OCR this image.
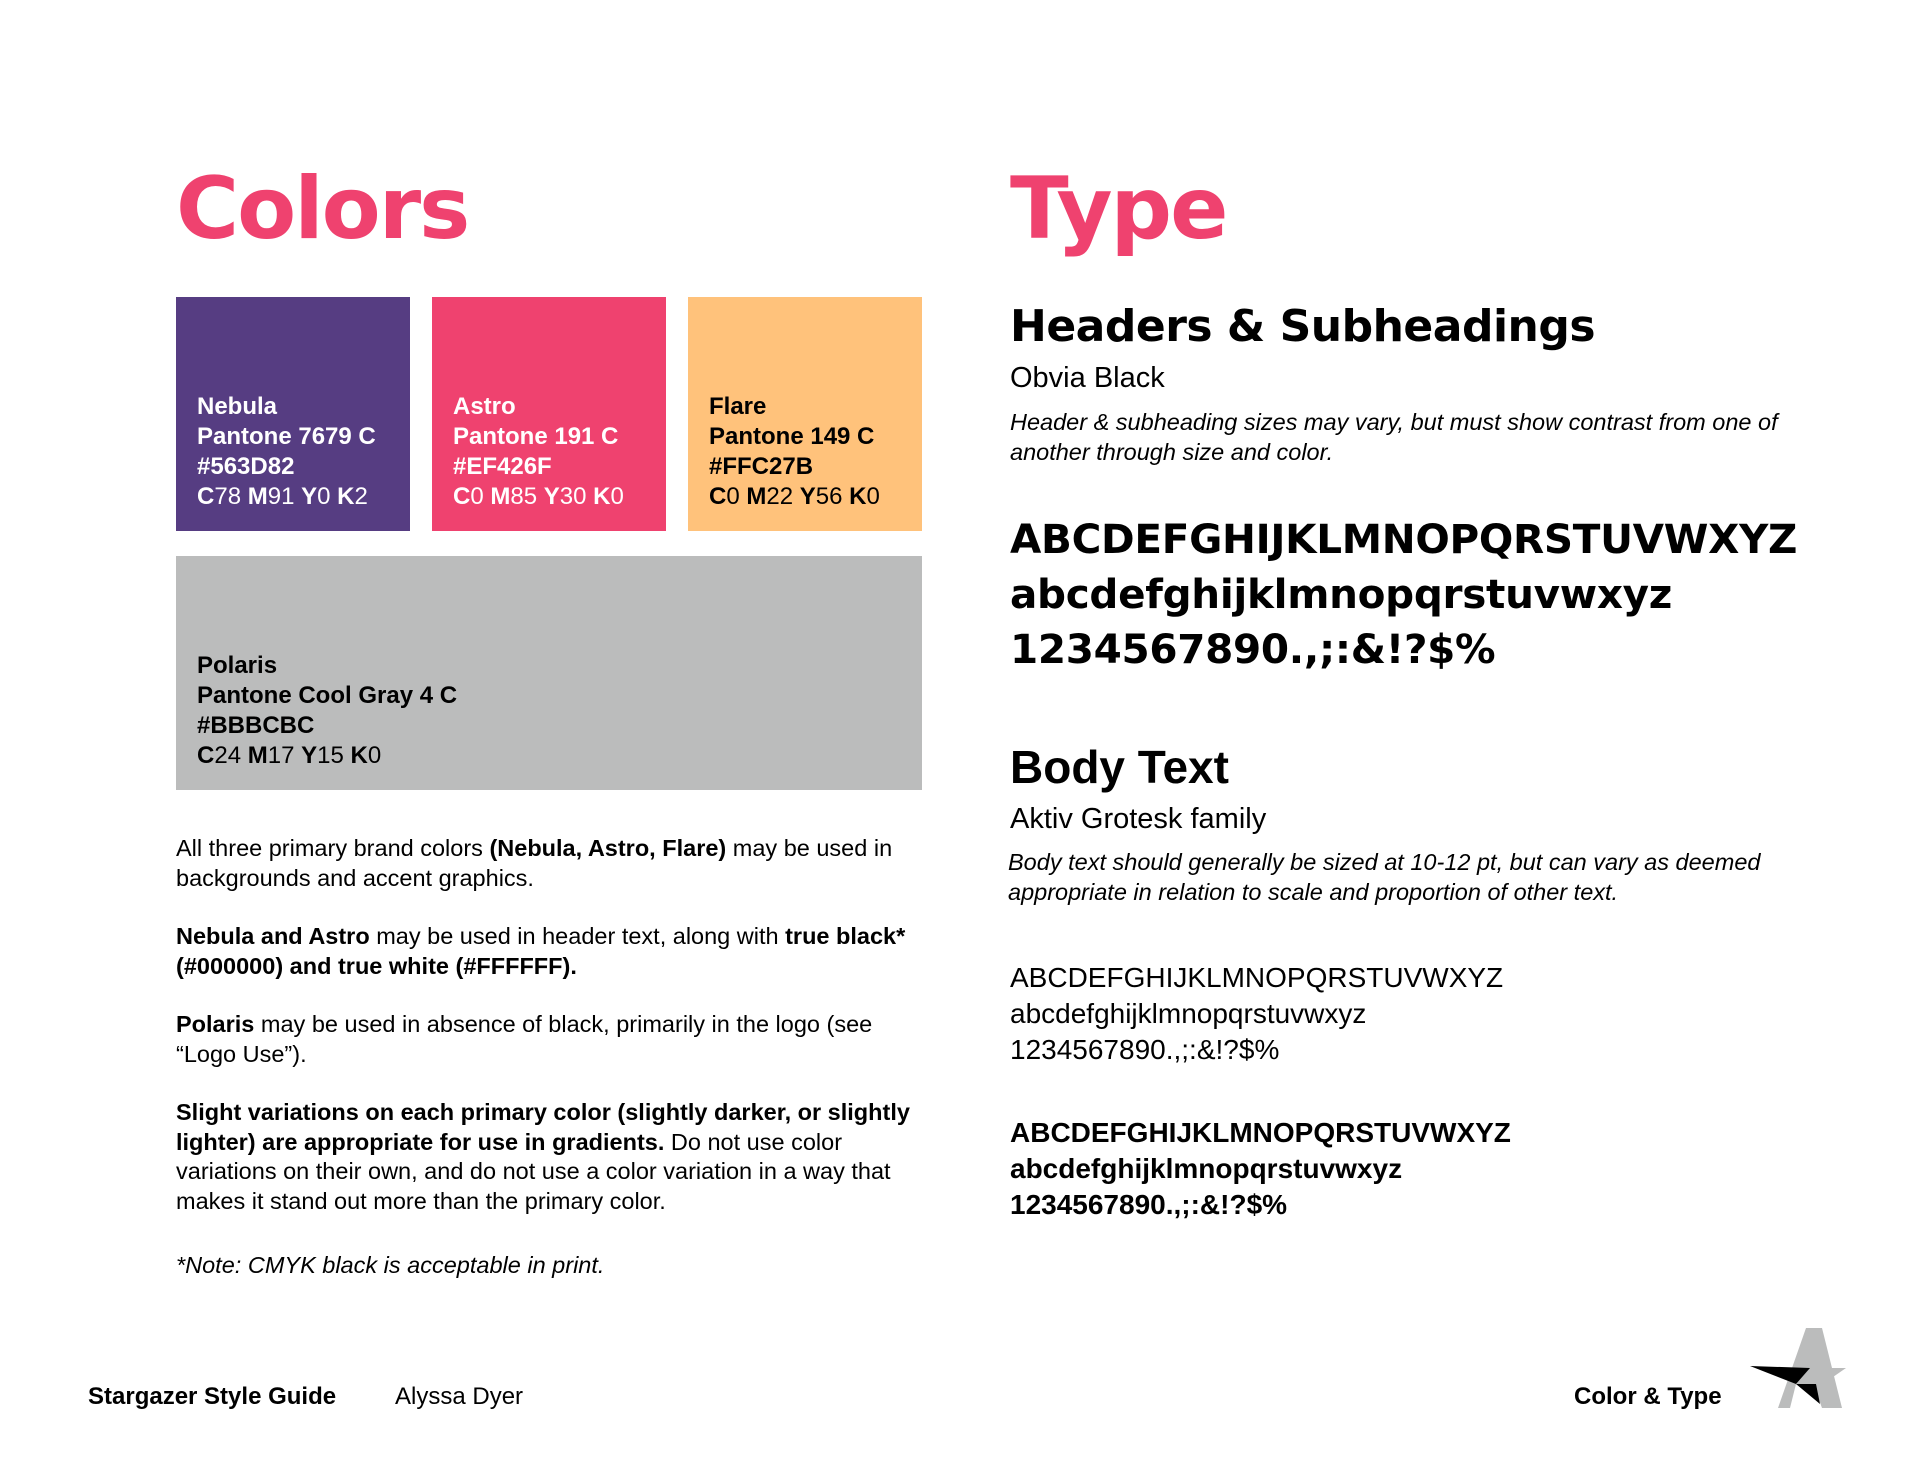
Colors
Nebula
Pantone 7679 C
#563D82
C78 M91 Y0 K2
Astro
Pantone 191 C
#EF426F
C0 M85 Y30 K0
Flare
Pantone 149 C
#FFC27B
C0 M22 Y56 K0
Polaris
Pantone Cool Gray 4 C
#BBBCBC
C24 M17 Y15 K0

All three primary brand colors (Nebula, Astro, Flare) may be used in backgrounds and accent graphics.

Nebula and Astro may be used in header text, along with true black* (#000000) and true white (#FFFFFF).

Polaris may be used in absence of black, primarily in the logo (see “Logo Use”).

Slight variations on each primary color (slightly darker, or slightly lighter) are appropriate for use in gradients. Do not use color variations on their own, and do not use a color variation in a way that makes it stand out more than the primary color.

*Note: CMYK black is acceptable in print.

Type
Headers & Subheadings
Obvia Black
Header & subheading sizes may vary, but must show contrast from one of another through size and color.
ABCDEFGHIJKLMNOPQRSTUVWXYZ
abcdefghijklmnopqrstuvwxyz
1234567890.,;:&!?$%
Body Text
Aktiv Grotesk family
Body text should generally be sized at 10-12 pt, but can vary as deemed appropriate in relation to scale and proportion of other text.
ABCDEFGHIJKLMNOPQRSTUVWXYZ
abcdefghijklmnopqrstuvwxyz
1234567890.,;:&!?$%
ABCDEFGHIJKLMNOPQRSTUVWXYZ
abcdefghijklmnopqrstuvwxyz
1234567890.,;:&!?$%
Stargazer Style Guide Alyssa Dyer	Color & Type
